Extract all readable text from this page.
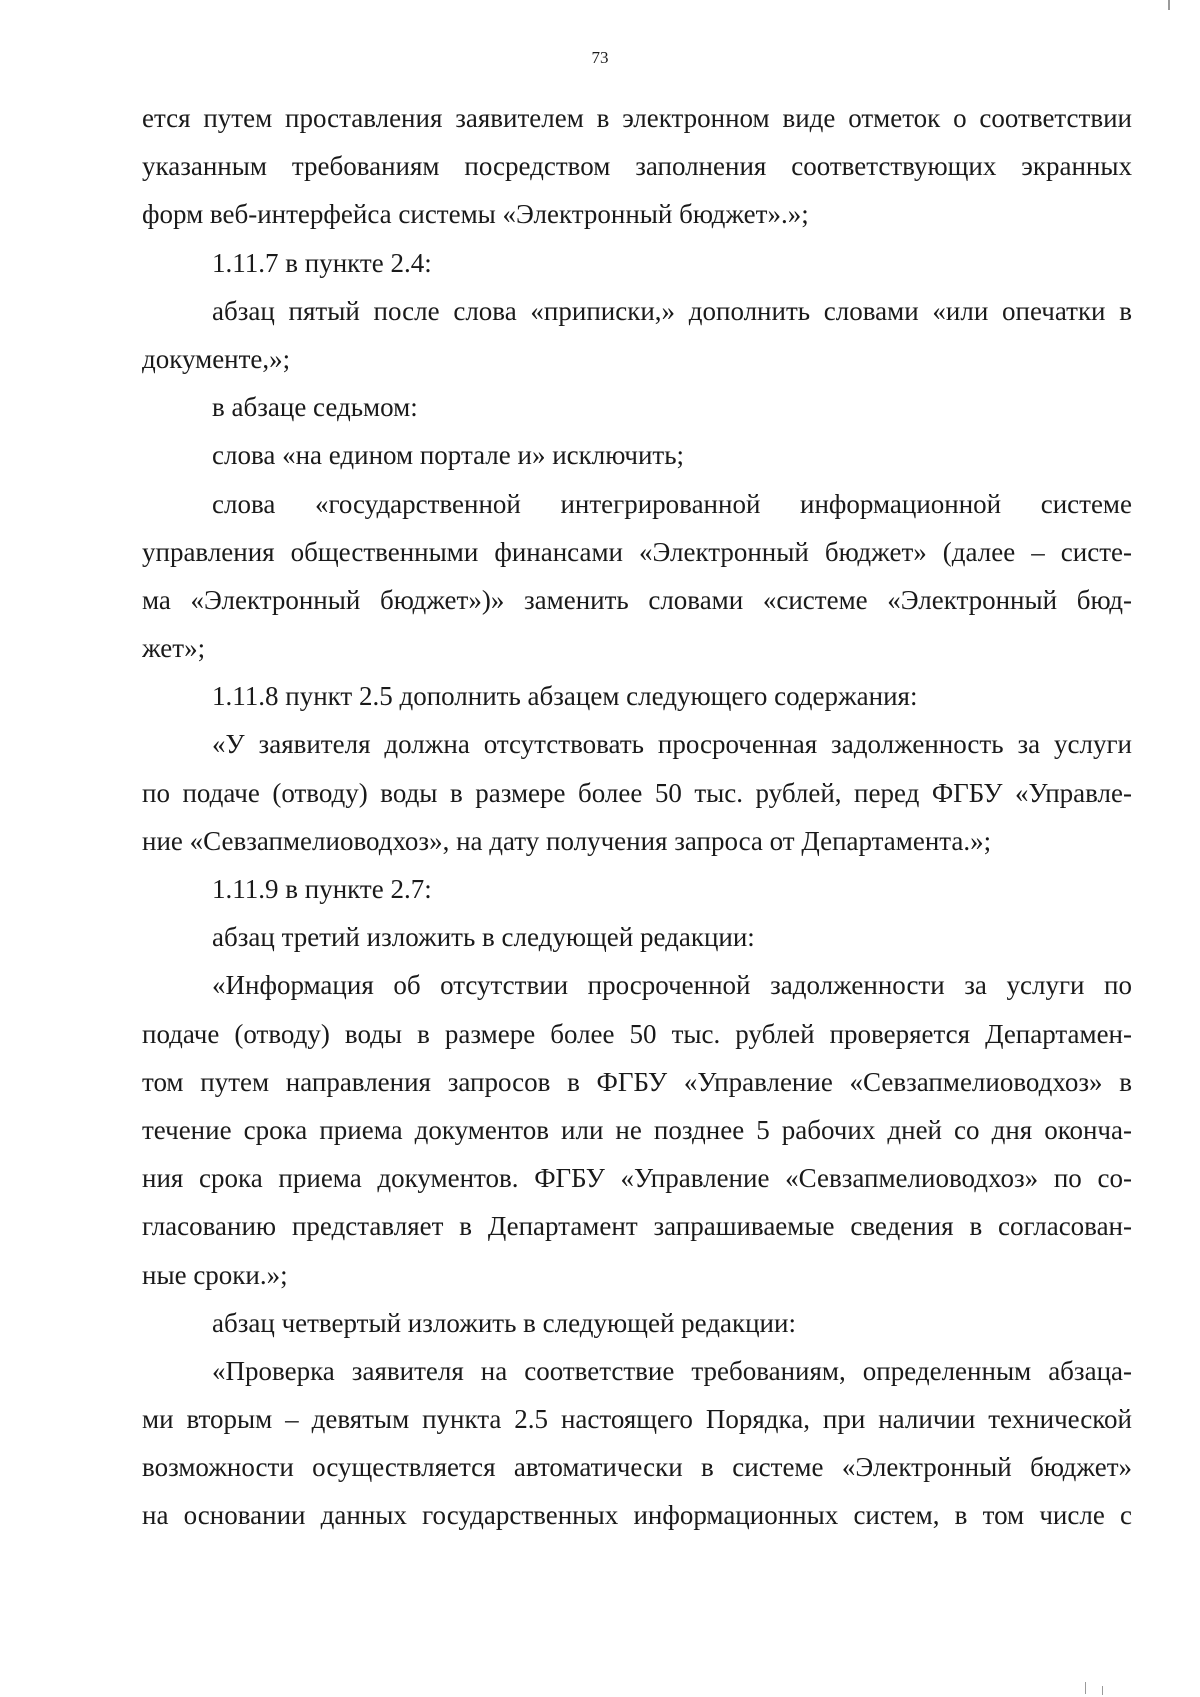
73
ется путем проставления заявителем в электронном виде отметок о соответствии
указанным требованиям посредством заполнения соответствующих экранных
форм веб-интерфейса системы «Электронный бюджет».»;
1.11.7 в пункте 2.4:
абзац пятый после слова «приписки,» дополнить словами «или опечатки в
документе,»;
в абзаце седьмом:
слова «на едином портале и» исключить;
слова «государственной интегрированной информационной системе
управления общественными финансами «Электронный бюджет» (далее – систе-
ма «Электронный бюджет»)» заменить словами «системе «Электронный бюд-
жет»;
1.11.8 пункт 2.5 дополнить абзацем следующего содержания:
«У заявителя должна отсутствовать просроченная задолженность за услуги
по подаче (отводу) воды в размере более 50 тыс. рублей, перед ФГБУ «Управле-
ние «Севзапмелиоводхоз», на дату получения запроса от Департамента.»;
1.11.9 в пункте 2.7:
абзац третий изложить в следующей редакции:
«Информация об отсутствии просроченной задолженности за услуги по
подаче (отводу) воды в размере более 50 тыс. рублей проверяется Департамен-
том путем направления запросов в ФГБУ «Управление «Севзапмелиоводхоз» в
течение срока приема документов или не позднее 5 рабочих дней со дня оконча-
ния срока приема документов. ФГБУ «Управление «Севзапмелиоводхоз» по со-
гласованию представляет в Департамент запрашиваемые сведения в согласован-
ные сроки.»;
абзац четвертый изложить в следующей редакции:
«Проверка заявителя на соответствие требованиям, определенным абзаца-
ми вторым – девятым пункта 2.5 настоящего Порядка, при наличии технической
возможности осуществляется автоматически в системе «Электронный бюджет»
на основании данных государственных информационных систем, в том числе с
